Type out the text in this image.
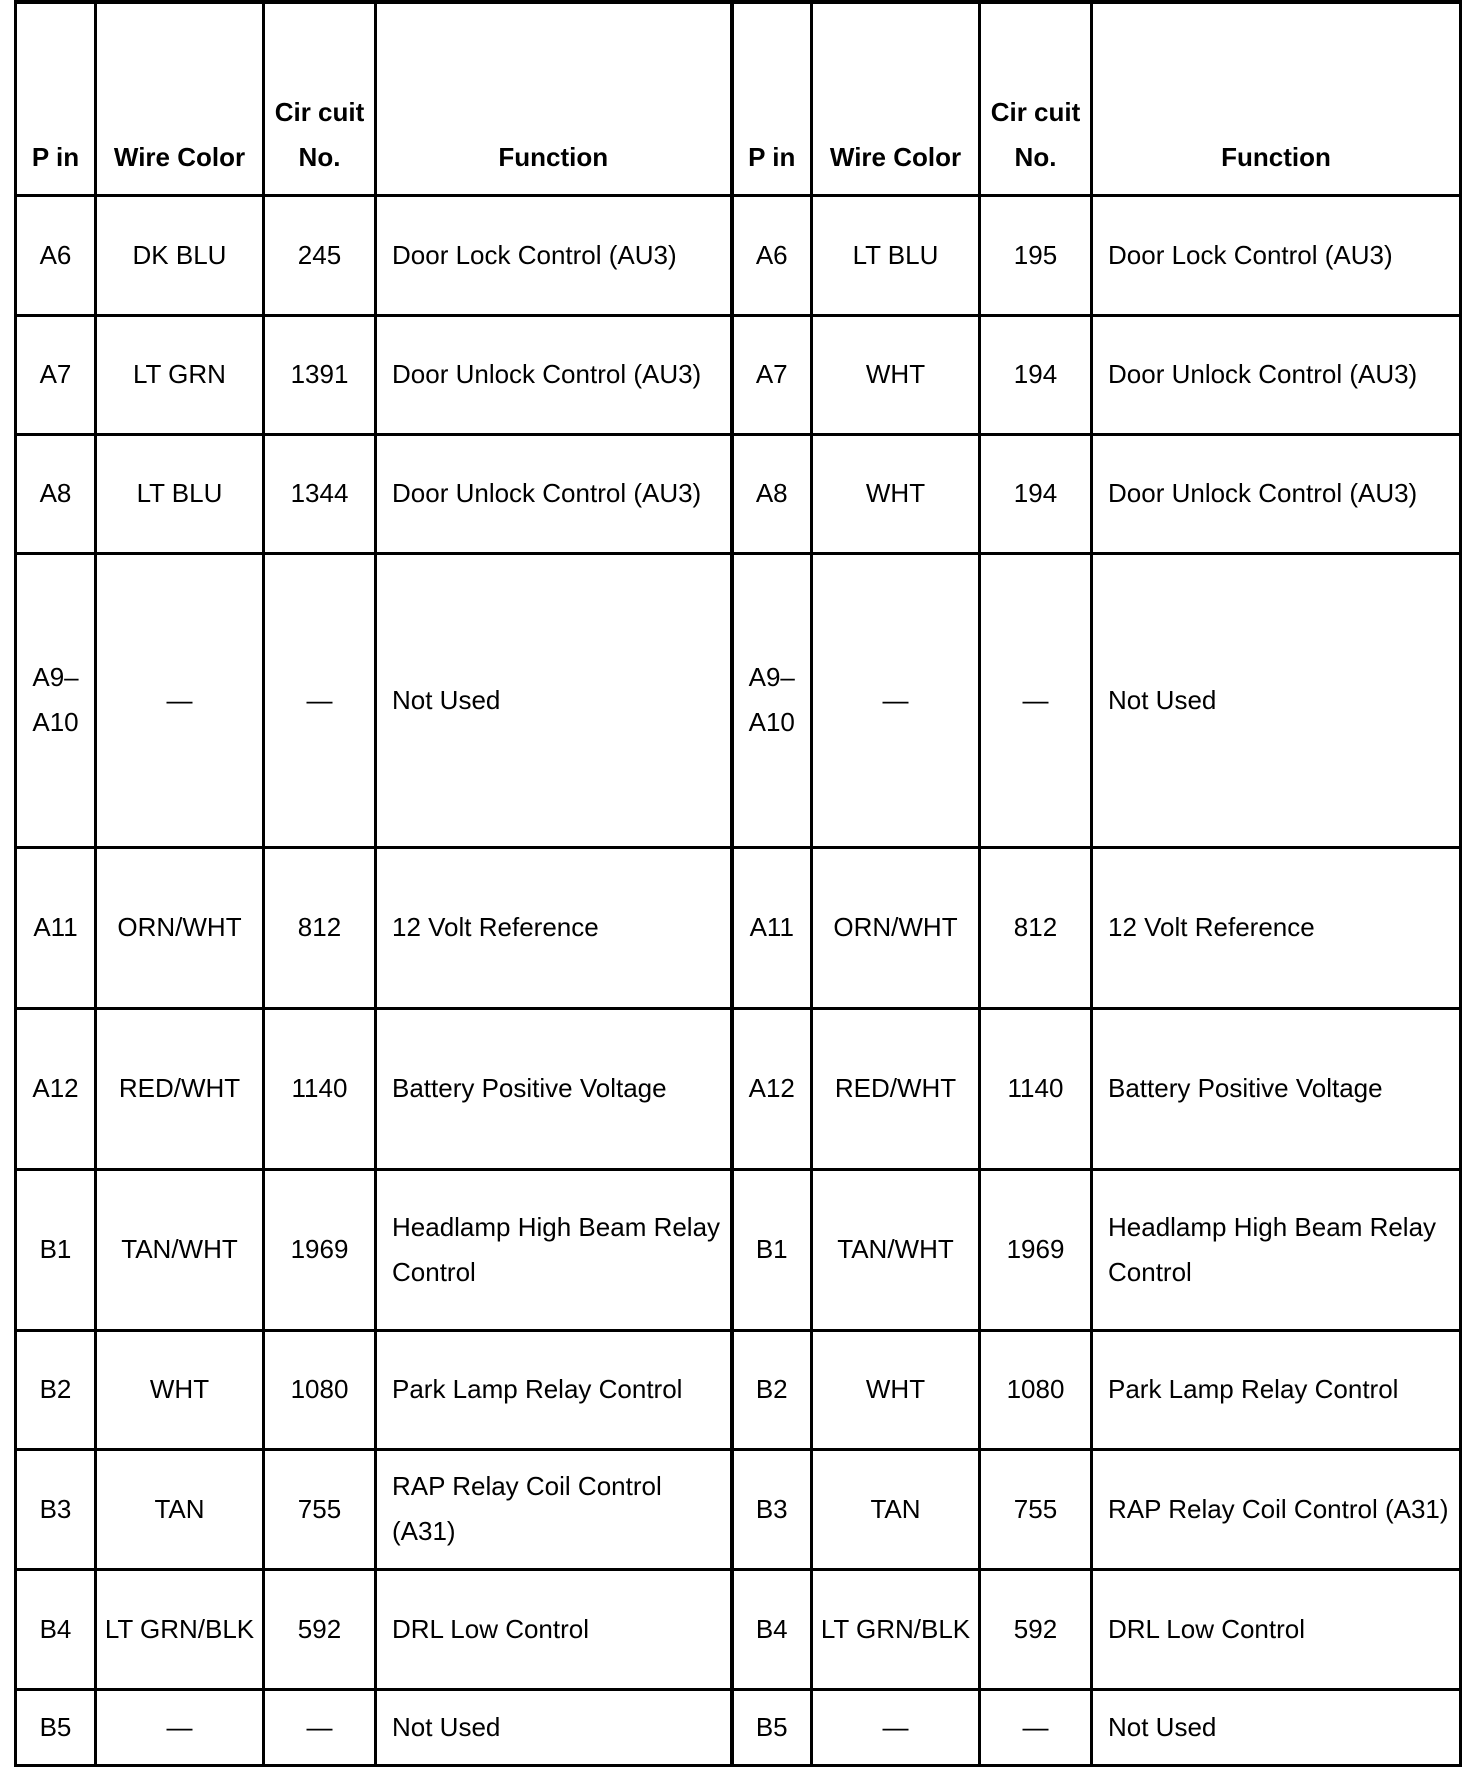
P in	Wire Color	Cir cuit No.	Function	P in	Wire Color	Cir cuit No.	Function
A6	DK BLU	245	Door Lock Control (AU3)	A6	LT BLU	195	Door Lock Control (AU3)
A7	LT GRN	1391	Door Unlock Control (AU3)	A7	WHT	194	Door Unlock Control (AU3)
A8	LT BLU	1344	Door Unlock Control (AU3)	A8	WHT	194	Door Unlock Control (AU3)
A9–A10	—	—	Not Used	A9–A10	—	—	Not Used
A11	ORN/WHT	812	12 Volt Reference	A11	ORN/WHT	812	12 Volt Reference
A12	RED/WHT	1140	Battery Positive Voltage	A12	RED/WHT	1140	Battery Positive Voltage
B1	TAN/WHT	1969	Headlamp High Beam Relay Control	B1	TAN/WHT	1969	Headlamp High Beam Relay Control
B2	WHT	1080	Park Lamp Relay Control	B2	WHT	1080	Park Lamp Relay Control
B3	TAN	755	RAP Relay Coil Control (A31)	B3	TAN	755	RAP Relay Coil Control (A31)
B4	LT GRN/BLK	592	DRL Low Control	B4	LT GRN/BLK	592	DRL Low Control
B5	—	—	Not Used	B5	—	—	Not Used
